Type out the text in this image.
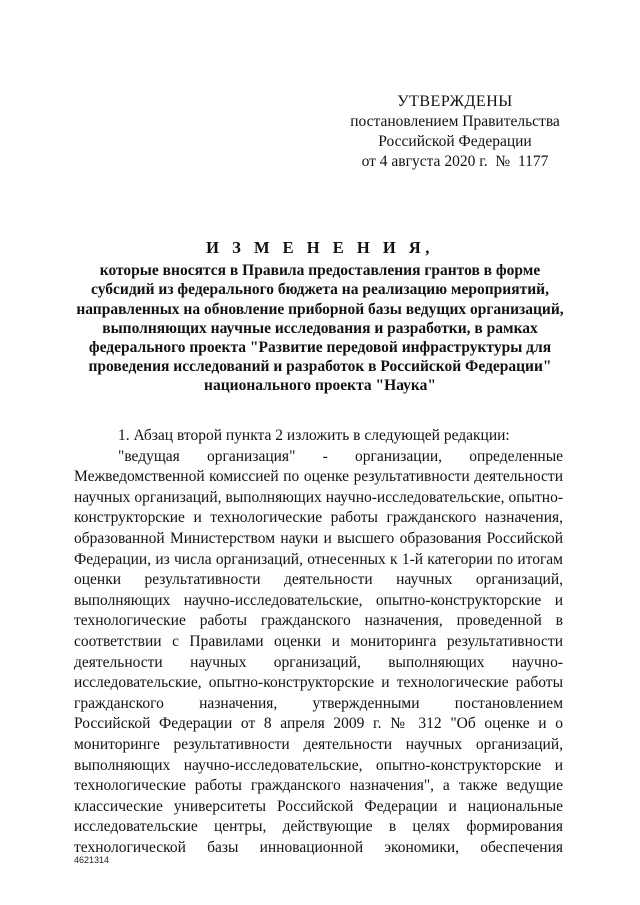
УТВЕРЖДЕНЫ
постановлением Правительства
Российской Федерации
от 4 августа 2020 г.  №  1177
И З М Е Н Е Н И Я,
которые вносятся в Правила предоставления грантов в форме
субсидий из федерального бюджета на реализацию мероприятий,
направленных на обновление приборной базы ведущих организаций,
выполняющих научные исследования и разработки, в рамках
федерального проекта "Развитие передовой инфраструктуры для
проведения исследований и разработок в Российской Федерации"
национального проекта "Наука"
1. Абзац второй пункта 2 изложить в следующей редакции:
"ведущая организация" - организации, определенные
Межведомственной комиссией по оценке результативности деятельности
научных организаций, выполняющих научно-исследовательские, опытно-
конструкторские и технологические работы гражданского назначения,
образованной Министерством науки и высшего образования Российской
Федерации, из числа организаций, отнесенных к 1-й категории по итогам
оценки результативности деятельности научных организаций,
выполняющих научно-исследовательские, опытно-конструкторские и
технологические работы гражданского назначения, проведенной в
соответствии с Правилами оценки и мониторинга результативности
деятельности научных организаций, выполняющих научно-
исследовательские, опытно-конструкторские и технологические работы
гражданского назначения, утвержденными постановлением
Российской Федерации от 8 апреля 2009 г. № 312 "Об оценке и о
мониторинге результативности деятельности научных организаций,
выполняющих научно-исследовательские, опытно-конструкторские и
технологические работы гражданского назначения", а также ведущие
классические университеты Российской Федерации и национальные
исследовательские центры, действующие в целях формирования
технологической базы инновационной экономики, обеспечения
4621314
